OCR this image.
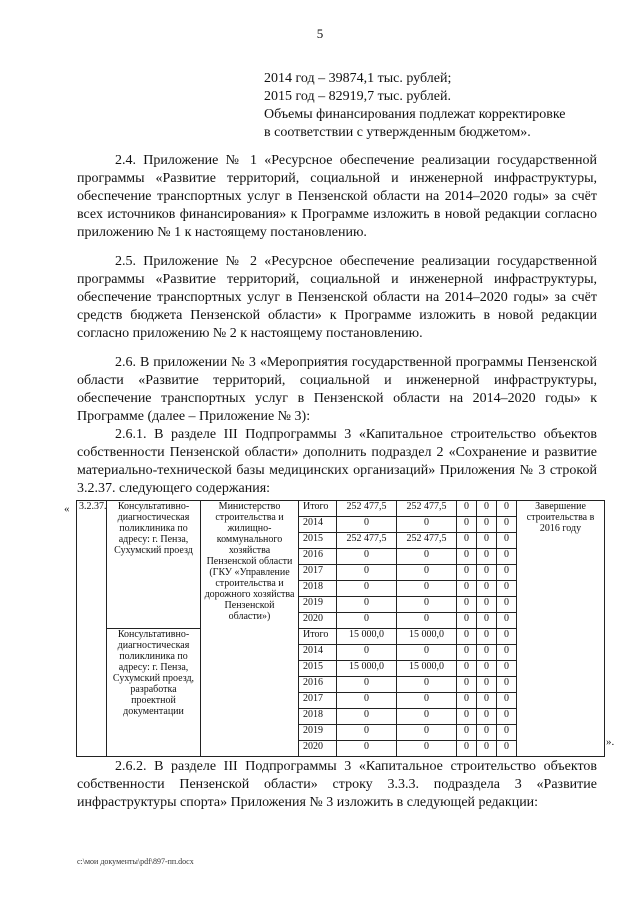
5
2014 год – 39874,1 тыс. рублей;
2015 год – 82919,7 тыс. рублей.
Объемы финансирования подлежат корректировке
в соответствии с утвержденным бюджетом».
2.4. Приложение № 1 «Ресурсное обеспечение реализации государственной программы «Развитие территорий, социальной и инженерной инфраструктуры, обеспечение транспортных услуг в Пензенской области на 2014–2020 годы» за счёт всех источников финансирования» к Программе изложить в новой редакции согласно приложению № 1 к настоящему постановлению.
2.5. Приложение № 2 «Ресурсное обеспечение реализации государственной программы «Развитие территорий, социальной и инженерной инфраструктуры, обеспечение транспортных услуг в Пензенской области на 2014–2020 годы» за счёт средств бюджета Пензенской области» к Программе изложить в новой редакции согласно приложению № 2 к настоящему постановлению.
2.6. В приложении № 3 «Мероприятия государственной программы Пензенской области «Развитие территорий, социальной и инженерной инфраструктуры, обеспечение транспортных услуг в Пензенской области на 2014–2020 годы» к Программе (далее – Приложение № 3):
2.6.1. В разделе III Подпрограммы 3 «Капитальное строительство объектов собственности Пензенской области» дополнить подраздел 2 «Сохранение и развитие материально-технической базы медицинских организаций» Приложения № 3 строкой 3.2.37. следующего содержания:
« 3.2.37.	Консультативно-диагностическая поликлиника по адресу: г. Пенза, Сухумский проезд	Министерство строительства и жилищно-коммунального хозяйства Пензенской области (ГКУ «Управление строительства и дорожного хозяйства Пензенской области»)	Итого	252 477,5	252 477,5	0	0	0	Завершение строительства в 2016 году
			2014	0	0	0	0	0	
			2015	252 477,5	252 477,5	0	0	0	
			2016	0	0	0	0	0	
			2017	0	0	0	0	0	
			2018	0	0	0	0	0	
			2019	0	0	0	0	0	
			2020	0	0	0	0	0	
	Консультативно-диагностическая поликлиника по адресу: г. Пенза, Сухумский проезд, разработка проектной документации		Итого	15 000,0	15 000,0	0	0	0	
			2014	0	0	0	0	0	
			2015	15 000,0	15 000,0	0	0	0	
			2016	0	0	0	0	0	
			2017	0	0	0	0	0	
			2018	0	0	0	0	0	
			2019	0	0	0	0	0	
			2020	0	0	0	0	0		».
2.6.2. В разделе III Подпрограммы 3 «Капитальное строительство объектов собственности Пензенской области» строку 3.3.3. подраздела 3 «Развитие инфраструктуры спорта» Приложения № 3 изложить в следующей редакции:
c:\мои документы\pdf\897-пп.docx
